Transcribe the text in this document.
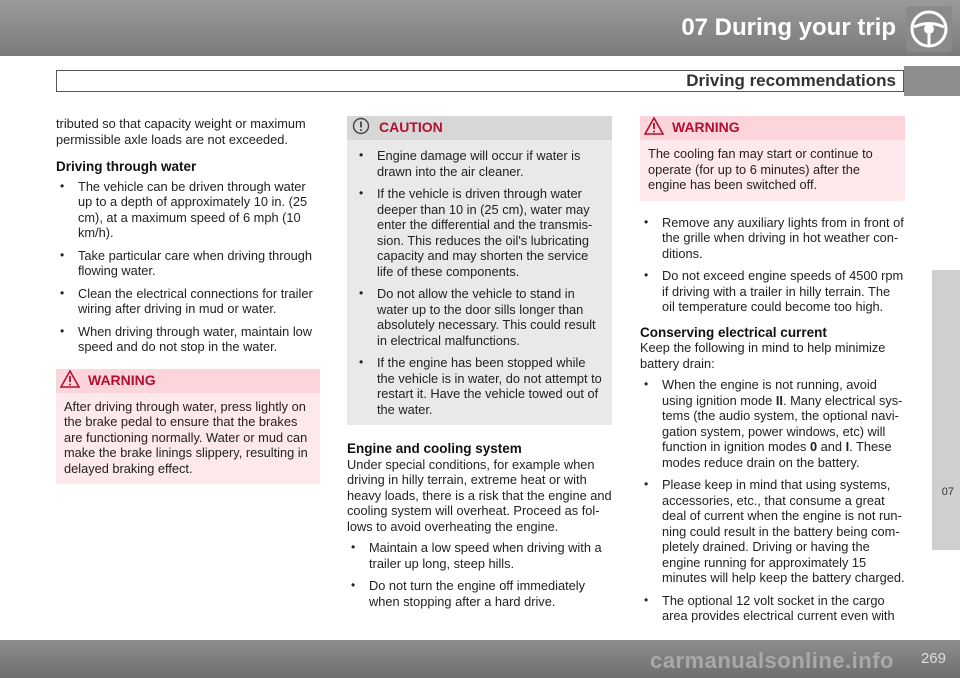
07 During your trip
Driving recommendations
07

tributed so that capacity weight or maximum permissible axle loads are not exceeded.

Driving through water

• The vehicle can be driven through water up to a depth of approximately 10 in. (25 cm), at a maximum speed of 6 mph (10 km/h).
• Take particular care when driving through flowing water.
• Clean the electrical connections for trailer wiring after driving in mud or water.
• When driving through water, maintain low speed and do not stop in the water.
WARNING
After driving through water, press lightly on the brake pedal to ensure that the brakes are functioning normally. Water or mud can make the brake linings slippery, resulting in delayed braking effect.
CAUTION
• Engine damage will occur if water is drawn into the air cleaner.
• If the vehicle is driven through water deeper than 10 in (25 cm), water may enter the differential and the transmission. This reduces the oil's lubricating capacity and may shorten the service life of these components.
• Do not allow the vehicle to stand in water up to the door sills longer than absolutely necessary. This could result in electrical malfunctions.
• If the engine has been stopped while the vehicle is in water, do not attempt to restart it. Have the vehicle towed out of the water.

Engine and cooling system

Under special conditions, for example when driving in hilly terrain, extreme heat or with heavy loads, there is a risk that the engine and cooling system will overheat. Proceed as follows to avoid overheating the engine.

• Maintain a low speed when driving with a trailer up long, steep hills.
• Do not turn the engine off immediately when stopping after a hard drive.
WARNING
The cooling fan may start or continue to operate (for up to 6 minutes) after the engine has been switched off.
• Remove any auxiliary lights from in front of the grille when driving in hot weather conditions.
• Do not exceed engine speeds of 4500 rpm if driving with a trailer in hilly terrain. The oil temperature could become too high.

Conserving electrical current

Keep the following in mind to help minimize battery drain:

• When the engine is not running, avoid using ignition mode II. Many electrical systems (the audio system, the optional navigation system, power windows, etc) will function in ignition modes 0 and I. These modes reduce drain on the battery.
• Please keep in mind that using systems, accessories, etc., that consume a great deal of current when the engine is not running could result in the battery being completely drained. Driving or having the engine running for approximately 15 minutes will help keep the battery charged.
• The optional 12 volt socket in the cargo area provides electrical current even with
carmanualsonline.info 269
